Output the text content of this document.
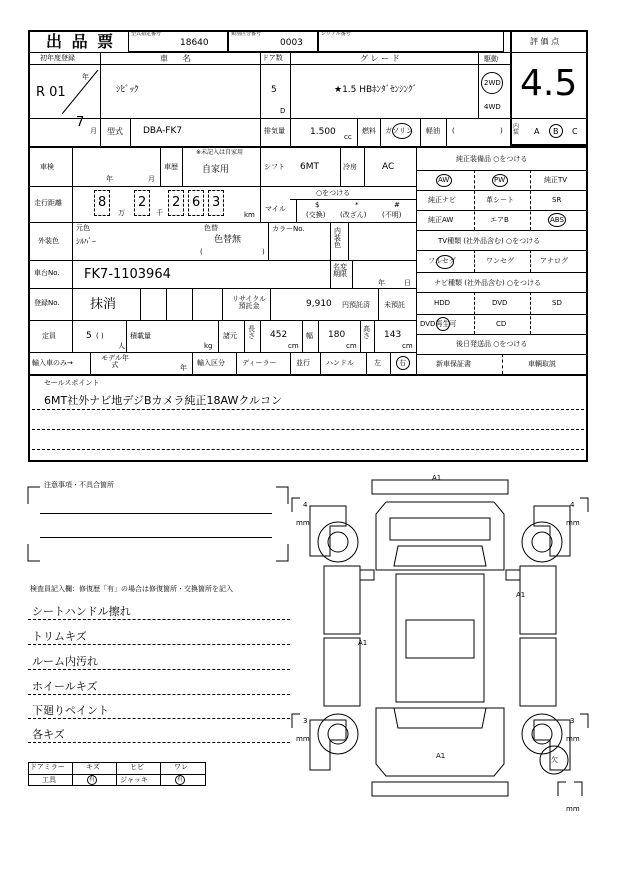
出 品 票	型式指定番号
18640
類別区分番号
0003
シリアル番号
評 価 点
4.5
内装 A B C
初年度登録
R 01
年
7
月
車 名
ｼﾋﾞｯｸ
ドア数
5
D
グ レ ー ド
★1.5 HBﾎﾝﾀﾞｾﾝｼﾝｸﾞ
駆動
2WD
4WD
型式 DBA-FK7	排気量	1.500 cc
燃料 ガソリン 軽油 (	)
車検
年	月
車歴
※未記入は自家用
自家用	シフト 6MT	冷房	AC
走行距離	8
万
2
千
2 6 3
km
○をつける
マイル	$
(交換)
*
(改ざん)
#
(不明)
外装色
元色
ｼﾙﾊﾞｰ
色替
色替無
(	)
カラーNo.	内装色
車台No. FK7-1103964	名変期限
年	日
登録No. 抹消	リサイクル預託金	9,910 円預託済 未預託
定員	5 ( )
人
積載量
kg
諸元
長さ 452
cm
幅 180
cm
高さ 143
cm
輸入車のみ→
モデル年式	年
輸入区分 ディーラー	並行 ハンドル	左	右
純正装備品 ○をつける
AW	PW	純正TV
純正ナビ	革シート	SR
純正AW	エアB	ABS
TV種類 (社外品含む) ○をつける
フルセグ	ワンセグ	アナログ
ナビ種類 (社外品含む) ○をつける
HDD	DVD	SD
DVD再生可	CD
後日発送品 ○をつける
新車保証書	車輌取説
セールスポイント
6MT社外ナビ地デジBカメラ純正18AWクルコン
注意事項・不具合箇所
検査員記入欄：修復歴「有」の場合は修復箇所・交換箇所を記入
シートハンドル擦れ
トリムキズ
ルーム内汚れ
ホイールキズ
下廻りペイント
各キズ
ドアミラー	キズ	ヒビ	ワレ
工具	有	ジャッキ	有
A1
A1
A1
A1
4
mm
4
mm
3
mm
3
mm
欠
mm
